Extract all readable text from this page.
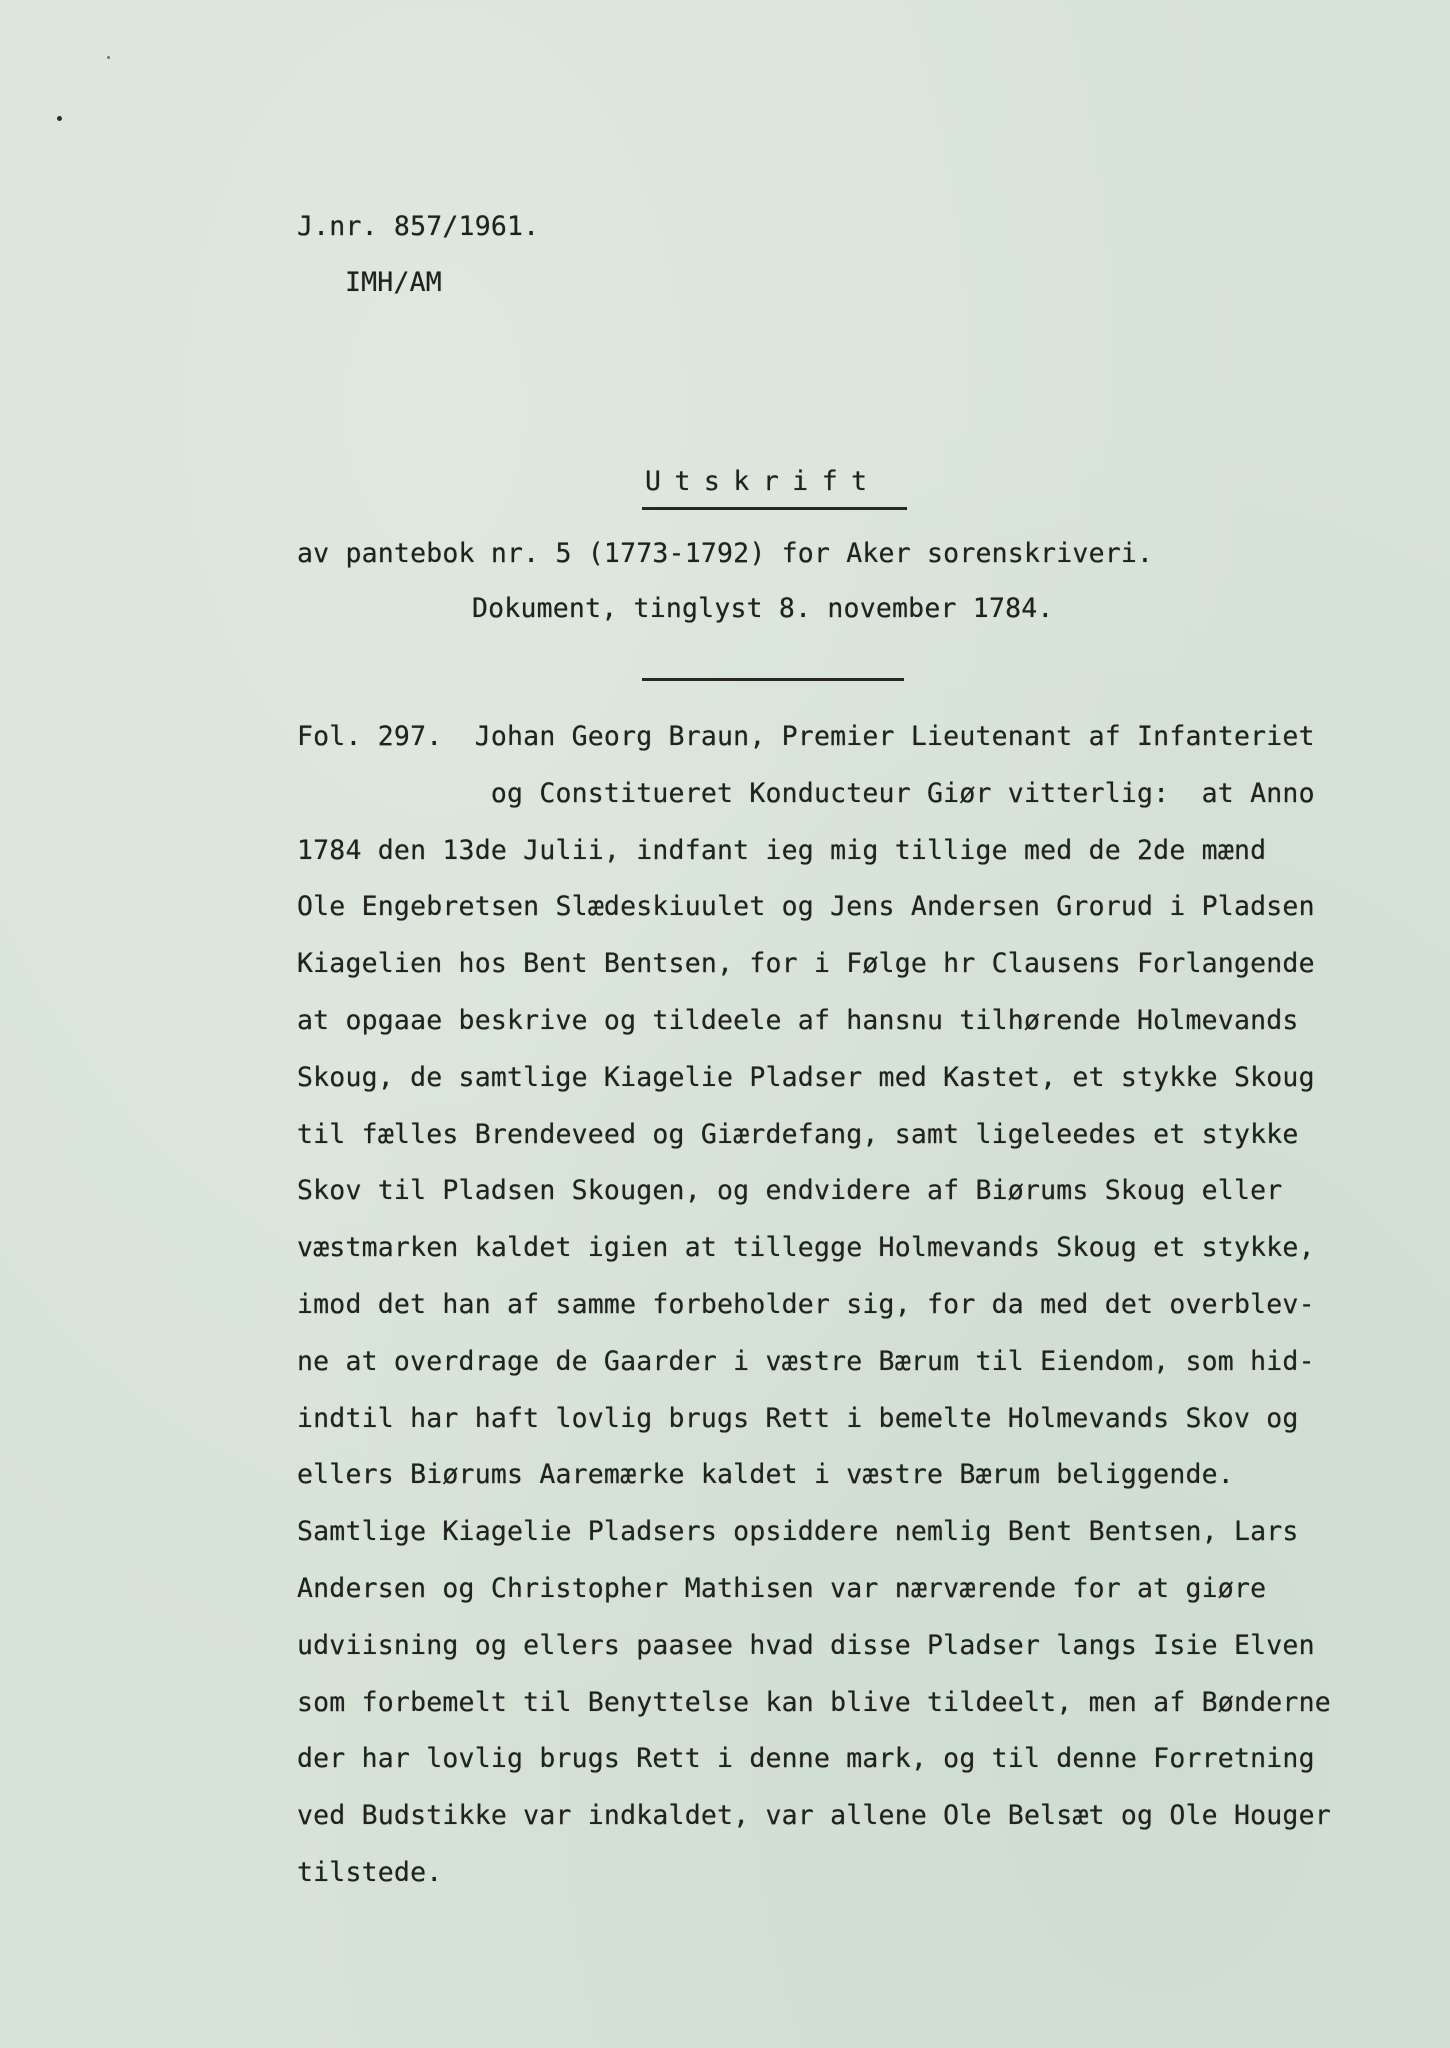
J.nr. 857/1961.
IMH/AM
Utskrift
av pantebok nr. 5 (1773-1792) for Aker sorenskriveri.
Dokument, tinglyst 8. november 1784.
Fol. 297.  Johan Georg Braun, Premier Lieutenant af Infanteriet
og Constitueret Konducteur Giør vitterlig:  at Anno
1784 den 13de Julii, indfant ieg mig tillige med de 2de mænd
Ole Engebretsen Slædeskiuulet og Jens Andersen Grorud i Pladsen
Kiagelien hos Bent Bentsen, for i Følge hr Clausens Forlangende
at opgaae beskrive og tildeele af hansnu tilhørende Holmevands
Skoug, de samtlige Kiagelie Pladser med Kastet, et stykke Skoug
til fælles Brendeveed og Giærdefang, samt ligeleedes et stykke
Skov til Pladsen Skougen, og endvidere af Biørums Skoug eller
væstmarken kaldet igien at tillegge Holmevands Skoug et stykke,
imod det han af samme forbeholder sig, for da med det overblev-
ne at overdrage de Gaarder i væstre Bærum til Eiendom, som hid-
indtil har haft lovlig brugs Rett i bemelte Holmevands Skov og
ellers Biørums Aaremærke kaldet i væstre Bærum beliggende.
Samtlige Kiagelie Pladsers opsiddere nemlig Bent Bentsen, Lars
Andersen og Christopher Mathisen var nærværende for at giøre
udviisning og ellers paasee hvad disse Pladser langs Isie Elven
som forbemelt til Benyttelse kan blive tildeelt, men af Bønderne
der har lovlig brugs Rett i denne mark, og til denne Forretning
ved Budstikke var indkaldet, var allene Ole Belsæt og Ole Houger
tilstede.
